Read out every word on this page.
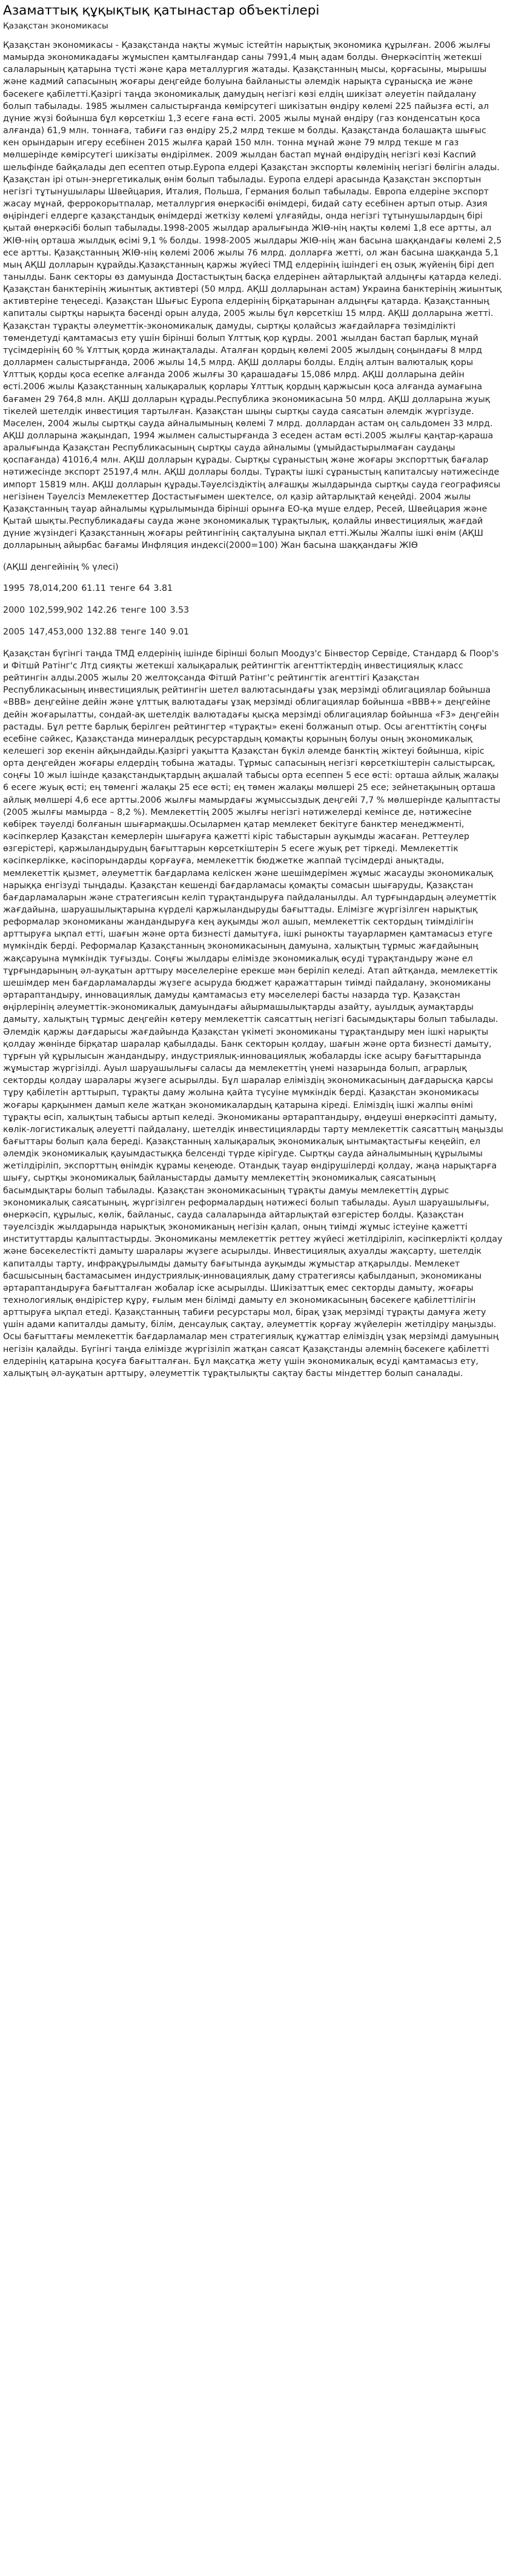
Азаматтық құқықтық қатынастар объектілері
Қазақстан экономикасы

Қазақстан экономикасы - Қазақстанда нақты жүмыс істейтін нарықтық экономика құрылған. 2006 жылғы мамырда экономикадағы жұмыспен қамтылғандар саны 7991,4 мың адам болды. Өнеркәсіптің жетекші салаларының қатарына түсті және қара металлургия жатады. Қазақстанның мысы, қорғасыны, мырышы және кадмий сапасының жоғары деңгейде болуына байланысты әлемдік нарықта сұранысқа ие және бәсекеге қабілетті.Қазіргі таңда экономикалық дамудың негізгі көзі елдің шикізат әлеуетін пайдалану болып табылады. 1985 жылмен салыстырғанда көмірсутегі шикізатын өндіру көлемі 225 пайызға өсті, ал дүние жүзі бойынша бұл көрсеткіш 1,3 есеге ғана өсті. 2005 жылы мұнай өндіру (газ конденсатын қоса алғанда) 61,9 млн. тоннаға, табиғи газ өндіру 25,2 млрд текше м болды. Қазақстанда болашақта шығыс кен орындарын игеру есебінен 2015 жылға қарай 150 млн. тонна мұнай және 79 млрд текше м газ мөлшерінде көмірсутегі шикізаты өндірілмек. 2009 жылдан бастап мұнай өндірудің негізгі көзі Каспий шельфінде байқалады деп есептеп отыр.Еуропа елдері Қазақстан экспорты көлемінің негізгі бөлігін алады. Қазақстан ірі отын-энергетикалық өнім болып табылады. Еуропа елдері арасында Қазақстан экспортын негізгі тұтынушылары Швейцария, Италия, Польша, Германия болып табылады. Европа елдеріне экспорт жасау мұнай, феррокорытпалар, металлургия өнеркәсібі өнімдері, бидай сату есебінен артып отыр. Азия өңіріндегі елдерге қазақстандық өнімдерді жеткізу көлемі ұлғаяйды, онда негізгі тұтынушылардың бірі қытай өнеркәсібі болып табылады.1998-2005 жылдар аралығында ЖІӨ-нің нақты көлемі 1,8 есе артты, ал ЖІӨ-нің орташа жылдық өсімі 9,1 % болды. 1998-2005 жылдары ЖІӨ-нің жан басына шаққандағы көлемі 2,5 есе артты. Қазақстанның ЖІӨ-нің көлемі 2006 жылы 76 млрд. долларға жетті, ол жан басына шаққанда 5,1 мың АҚШ долларын құрайды.Қазақстанның қаржы жүйесі ТМД елдерінің ішіндегі ең озық жүйенің бірі деп танылды. Банк секторы өз дамуында Достастықтың басқа елдерінен айтарлықтай алдыңғы қатарда келеді. Қазақстан банктерінің жиынтық активтері (50 млрд. АҚШ долларынан астам) Украина банктерінің жиынтық активтеріне теңеседі. Қазақстан Шығыс Еуропа елдерінің бірқатарынан алдыңғы қатарда. Қазақстанның капиталы сыртқы нарықта бәсенді орын алуда, 2005 жылы бұл көрсеткіш 15 млрд. АҚШ долларына жетті. Қазақстан тұрақты әлеуметтік-экономикалық дамуды, сыртқы қолайсыз жағдайларға төзімділікті төмендетуді қамтамасыз ету үшін бірінші болып Ұлттық қор құрды. 2001 жылдан бастап барлық мұнай түсімдерінің 60 % Ұлттық қорда жинақталады. Аталған қордың көлемі 2005 жылдың соңындағы 8 млрд доллармен салыстырғанда, 2006 жылы 14,5 млрд. АҚШ доллары болды. Елдің алтын валюталық қоры Ұлттық қорды қоса есепке алғанда 2006 жылғы 30 қарашадағы 15,086 млрд. АҚШ долларына дейін өсті.2006 жылы Қазақстанның халықаралық қорлары Ұлттық қордың қаржысын қоса алғанда аумағына бағамен 29 764,8 млн. АҚШ долларын құрады.Республика экономикасына 50 млрд. АҚШ долларына жуық тікелей шетелдік инвестиция тартылған. Қазақстан шыңы сыртқы сауда саясатын әлемдік жүргізуде. Мәселен, 2004 жылы сыртқы сауда айналымының көлемі 7 млрд. доллардан астам оң сальдомен 33 млрд. АҚШ долларына жақындап, 1994 жылмен салыстырғанда 3 еседен астам өсті.2005 жылғы қаңтар-қараша аралығында Қазақстан Республикасының сыртқы сауда айналымы (ұмыйдастырылмаған саудаңы қоспағанда) 41016,4 млн. АҚШ долларын құрады. Сыртқы сұраныстың және жоғары экспорттық бағалар нәтижесінде экспорт 25197,4 млн. АҚШ доллары болды. Тұрақты ішкі сұраныстың капиталсыу нәтижесінде импорт 15819 млн. АҚШ долларын құрады.Тәуелсіздіктің алғашқы жылдарында сыртқы сауда географиясы негізінен Тәуелсіз Мемлекеттер Достастығымен шектелсе, ол қазір айтарлықтай кеңейді. 2004 жылы Қазақстанның тауар айналымы құрылымында бірінші орынға ЕО-қа мүше елдер, Ресей, Швейцария және Қытай шықты.Республикадағы сауда және экономикалық тұрақтылық, қолайлы инвестициялық жағдай дүние жүзіндегі Қазақстанның жоғары рейтингінің сақталуына ықпал етті.Жылы Жалпы ішкі өнім (АҚШ долларының айырбас бағамы Инфляция индексі(2000=100) Жан басына шаққандағы ЖІӨ

(АҚШ денгейінің % үлесі)

1995 78,014,200 61.11 тенге 64 3.81
2000 102,599,902 142.26 тенге 100 3.53
2005 147,453,000 132.88 тенге 140 9.01

Қазақстан бүгінгі таңда ТМД елдерінің ішінде бірінші болып Моодуз'с Бінвестор Сервіде, Стандард & Поор's и Фітшй Ратінг'с Лтд сияқты жетекші халықаралық рейтингтік агенттіктердің инвестициялық класс рейтингін алды.2005 жылы 20 желтоқсанда Фітшй Ратінг'с рейтингтік агенттігі Қазақстан Республикасының инвестициялық рейтингін шетел валютасындағы ұзақ мерзімді облигациялар бойынша «BBB» деңгейіне дейін және ұлттық валютадағы ұзақ мерзімді облигациялар бойынша «BBB+» деңгейіне дейін жоғарылатты, сондай-ақ шетелдік валютадағы қысқа мерзімді облигациялар бойынша «F3» деңгейін растады. Бұл ретте барлық берілген рейтингтер «тұрақты» екені болжанып отыр. Осы агенттіктің соңғы есебіне сәйкес, Қазақстанда минералдық ресурстардың қомақты қорының болуы оның экономикалық келешегі зор екенін айқындайды.Қазіргі уақытта Қазақстан бүкіл әлемде банктің жіктеуі бойынша, кіріс орта деңгейден жоғары елдердің тобына жатады. Тұрмыс сапасының негізгі көрсеткіштерін салыстырсақ, соңғы 10 жыл ішінде қазақстандықтардың ақшалай табысы орта есеппен 5 есе өсті: орташа айлық жалақы 6 есеге жуық өсті; ең төменгі жалақы 25 есе өсті; ең төмен жалақы мөлшері 25 есе; зейнетақының орташа айлық мөлшері 4,6 есе артты.2006 жылғы мамырдағы жұмыссыздық деңгейі 7,7 % мөлшерінде қалыптасты (2005 жылғы мамырда – 8,2 %). Мемлекеттің 2005 жылғы негізгі нәтижелерді кемінсе де, нәтижесіне көбірек тәуелді болғанын шығармақшы.Осылармен қатар мемлекет бекітуге банктер менеджменті, кәсіпкерлер Қазақстан кемерлерін шығаруға қажетті кіріс табыстарын ауқымды жасаған. Реттеулер өзгерістері, қаржыландырудың бағыттарын көрсеткіштерін 5 есеге жуық рет тіркеді. Мемлекеттік кәсіпкерлікке, кәсіпорындарды қорғауға, мемлекеттік бюджетке жаппай түсімдерді анықтады, мемлекеттік қызмет, әлеуметтік бағдарлама келіскен және шешімдерімен жұмыс жасауды экономикалық нарыққа енгізуді тыңдады. Қазақстан кешенді бағдарламасы қомақты сомасын шығаруды, Қазақстан бағдарламаларын және стратегиясын келіп тұрақтандыруға пайдаланылды. Ал тұрғындардың әлеуметтік жағдайына, шаруашылықтарына күрделі қаржыландыруды бағыттады. Елімізге жүргізілген нарықтық реформалар экономиканы жандандыруға кең ауқымды жол ашып, мемлекеттік сектордың тиімділігін арттыруға ықпал етті, шағын және орта бизнесті дамытуға, ішкі рынокты тауарлармен қамтамасыз етуге мүмкіндік берді. Реформалар Қазақстанның экономикасының дамуына, халықтың тұрмыс жағдайының жақсаруына мүмкіндік туғызды. Соңғы жылдары елімізде экономикалық өсуді тұрақтандыру және ел тұрғындарының әл-ауқатын арттыру мәселелеріне ерекше мән беріліп келеді. Атап айтқанда, мемлекеттік шешімдер мен бағдарламаларды жүзеге асыруда бюджет қаражаттарын тиімді пайдалану, экономиканы әртараптандыру, инновациялық дамуды қамтамасыз ету мәселелері басты назарда тұр. Қазақстан өңірлерінің әлеуметтік-экономикалық дамуындағы айырмашылықтарды азайту, ауылдық аумақтарды дамыту, халықтың тұрмыс деңгейін көтеру мемлекеттік саясаттың негізгі басымдықтары болып табылады. Әлемдік қаржы дағдарысы жағдайында Қазақстан үкіметі экономиканы тұрақтандыру мен ішкі нарықты қолдау жөнінде бірқатар шаралар қабылдады. Банк секторын қолдау, шағын және орта бизнесті дамыту, тұрғын үй құрылысын жандандыру, индустриялық-инновациялық жобаларды іске асыру бағыттарында жұмыстар жүргізілді. Ауыл шаруашылығы саласы да мемлекеттің үнемі назарында болып, аграрлық секторды қолдау шаралары жүзеге асырылды. Бұл шаралар еліміздің экономикасының дағдарысқа қарсы тұру қабілетін арттырып, тұрақты даму жолына қайта түсуіне мүмкіндік берді. Қазақстан экономикасы жоғары қарқынмен дамып келе жатқан экономикалардың қатарына кіреді. Еліміздің ішкі жалпы өнімі тұрақты өсіп, халықтың табысы артып келеді. Экономиканы әртараптандыру, өңдеуші өнеркәсіпті дамыту, көлік-логистикалық әлеуетті пайдалану, шетелдік инвестицияларды тарту мемлекеттік саясаттың маңызды бағыттары болып қала береді. Қазақстанның халықаралық экономикалық ынтымақтастығы кеңейіп, ел әлемдік экономикалық қауымдастыққа белсенді түрде кірігуде. Сыртқы сауда айналымының құрылымы жетілдіріліп, экспорттың өнімдік құрамы кеңеюде. Отандық тауар өндірушілерді қолдау, жаңа нарықтарға шығу, сыртқы экономикалық байланыстарды дамыту мемлекеттің экономикалық саясатының басымдықтары болып табылады. Қазақстан экономикасының тұрақты дамуы мемлекеттің дұрыс экономикалық саясатының, жүргізілген реформалардың нәтижесі болып табылады. Ауыл шаруашылығы, өнеркәсіп, құрылыс, көлік, байланыс, сауда салаларында айтарлықтай өзгерістер болды. Қазақстан тәуелсіздік жылдарында нарықтық экономиканың негізін қалап, оның тиімді жұмыс істеуіне қажетті институттарды қалыптастырды. Экономиканы мемлекеттік реттеу жүйесі жетілдіріліп, кәсіпкерлікті қолдау және бәсекелестікті дамыту шаралары жүзеге асырылды. Инвестициялық ахуалды жақсарту, шетелдік капиталды тарту, инфрақұрылымды дамыту бағытында ауқымды жұмыстар атқарылды. Мемлекет басшысының бастамасымен индустриялық-инновациялық даму стратегиясы қабылданып, экономиканы әртараптандыруға бағытталған жобалар іске асырылды. Шикізаттық емес секторды дамыту, жоғары технологиялық өндірістер құру, ғылым мен білімді дамыту ел экономикасының бәсекеге қабілеттілігін арттыруға ықпал етеді. Қазақстанның табиғи ресурстары мол, бірақ ұзақ мерзімді тұрақты дамуға жету үшін адами капиталды дамыту, білім, денсаулық сақтау, әлеуметтік қорғау жүйелерін жетілдіру маңызды. Осы бағыттағы мемлекеттік бағдарламалар мен стратегиялық құжаттар еліміздің ұзақ мерзімді дамуының негізін қалайды. Бүгінгі таңда елімізде жүргізіліп жатқан саясат Қазақстанды әлемнің бәсекеге қабілетті елдерінің қатарына қосуға бағытталған. Бұл мақсатқа жету үшін экономикалық өсуді қамтамасыз ету, халықтың әл-ауқатын арттыру, әлеуметтік тұрақтылықты сақтау басты міндеттер болып саналады.
